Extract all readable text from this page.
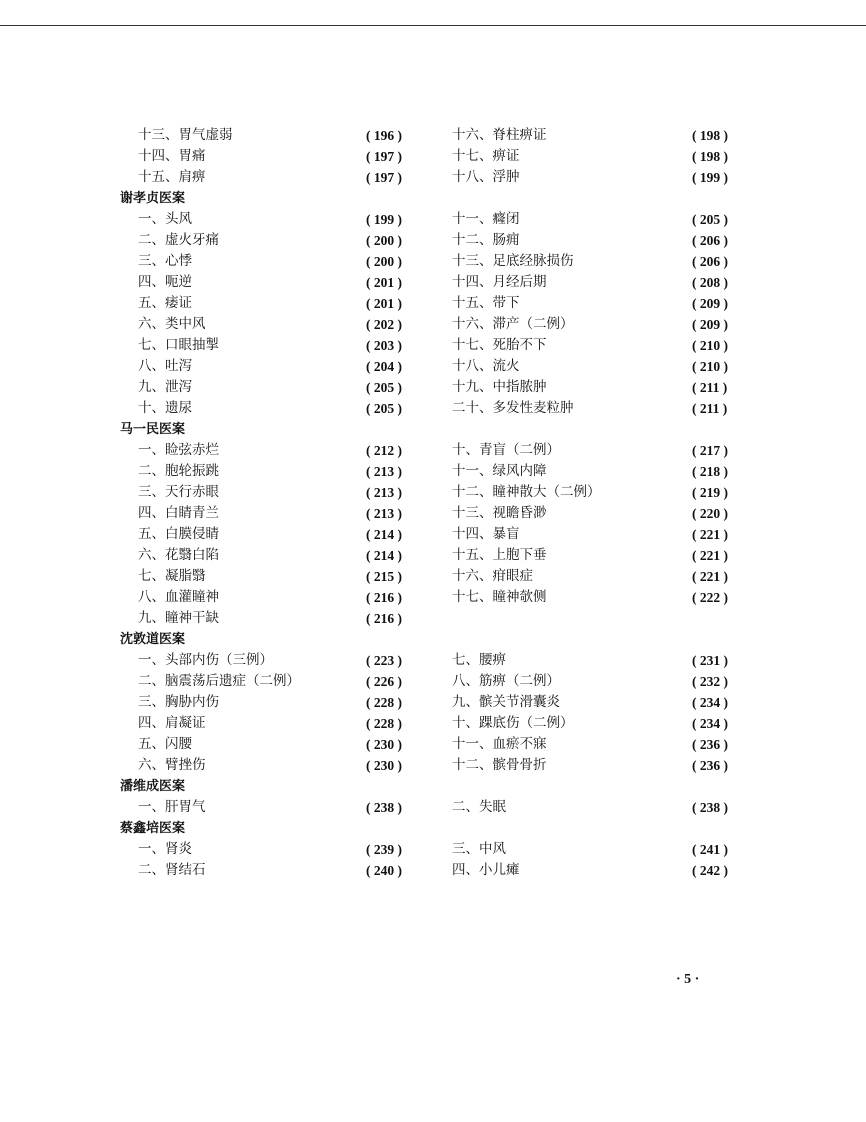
十三、胃气虚弱	( 196 )	十六、脊柱痹证	( 198 )
十四、胃痛	( 197 )	十七、痹证	( 198 )
十五、肩痹	( 197 )	十八、浮肿	( 199 )
谢孝贞医案
一、头风	( 199 )	十一、癃闭	( 205 )
二、虚火牙痛	( 200 )	十二、肠痈	( 206 )
三、心悸	( 200 )	十三、足底经脉损伤	( 206 )
四、呃逆	( 201 )	十四、月经后期	( 208 )
五、痿证	( 201 )	十五、带下	( 209 )
六、类中风	( 202 )	十六、滞产（二例）	( 209 )
七、口眼抽掣	( 203 )	十七、死胎不下	( 210 )
八、吐泻	( 204 )	十八、流火	( 210 )
九、泄泻	( 205 )	十九、中指脓肿	( 211 )
十、遗尿	( 205 )	二十、多发性麦粒肿	( 211 )
马一民医案
一、睑弦赤烂	( 212 )	十、青盲（二例）	( 217 )
二、胞轮振跳	( 213 )	十一、绿风内障	( 218 )
三、天行赤眼	( 213 )	十二、瞳神散大（二例）	( 219 )
四、白睛青兰	( 213 )	十三、视瞻昏渺	( 220 )
五、白膜侵睛	( 214 )	十四、暴盲	( 221 )
六、花翳白陷	( 214 )	十五、上胞下垂	( 221 )
七、凝脂翳	( 215 )	十六、疳眼症	( 221 )
八、血灌瞳神	( 216 )	十七、瞳神欹侧	( 222 )
九、瞳神干缺	( 216 )
沈敦道医案
一、头部内伤（三例）	( 223 )	七、腰痹	( 231 )
二、脑震荡后遗症（二例）	( 226 )	八、筋痹（二例）	( 232 )
三、胸胁内伤	( 228 )	九、髌关节滑囊炎	( 234 )
四、肩凝证	( 228 )	十、踝底伤（二例）	( 234 )
五、闪腰	( 230 )	十一、血瘀不寐	( 236 )
六、臂挫伤	( 230 )	十二、髌骨骨折	( 236 )
潘维成医案
一、肝胃气	( 238 )	二、失眠	( 238 )
蔡鑫培医案
一、肾炎	( 239 )	三、中风	( 241 )
二、肾结石	( 240 )	四、小儿瘫	( 242 )
· 5 ·
